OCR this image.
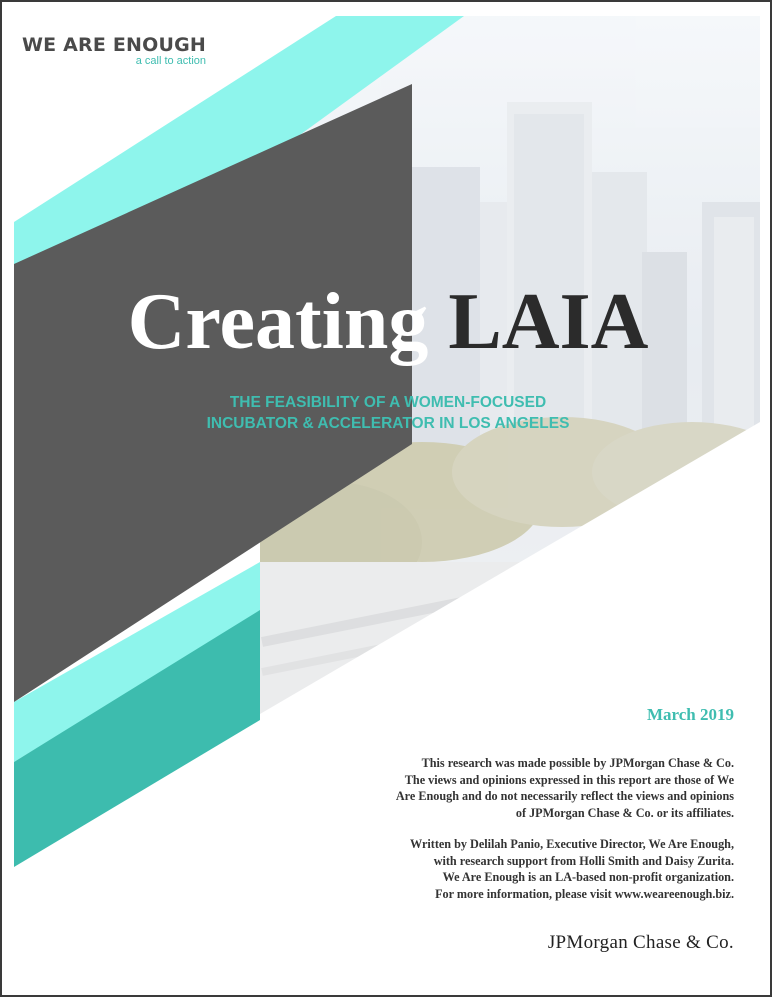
WE ARE ENOUGH
a call to action
Creating LAIA
THE FEASIBILITY OF A WOMEN-FOCUSED
INCUBATOR & ACCELERATOR IN LOS ANGELES
March 2019
This research was made possible by JPMorgan Chase & Co.
The views and opinions expressed in this report are those of We
Are Enough and do not necessarily reflect the views and opinions
of JPMorgan Chase & Co. or its affiliates.
Written by Delilah Panio, Executive Director, We Are Enough,
with research support from Holli Smith and Daisy Zurita.
We Are Enough is an LA-based non-profit organization.
For more information, please visit www.weareenough.biz.
JPMorgan Chase & Co.
